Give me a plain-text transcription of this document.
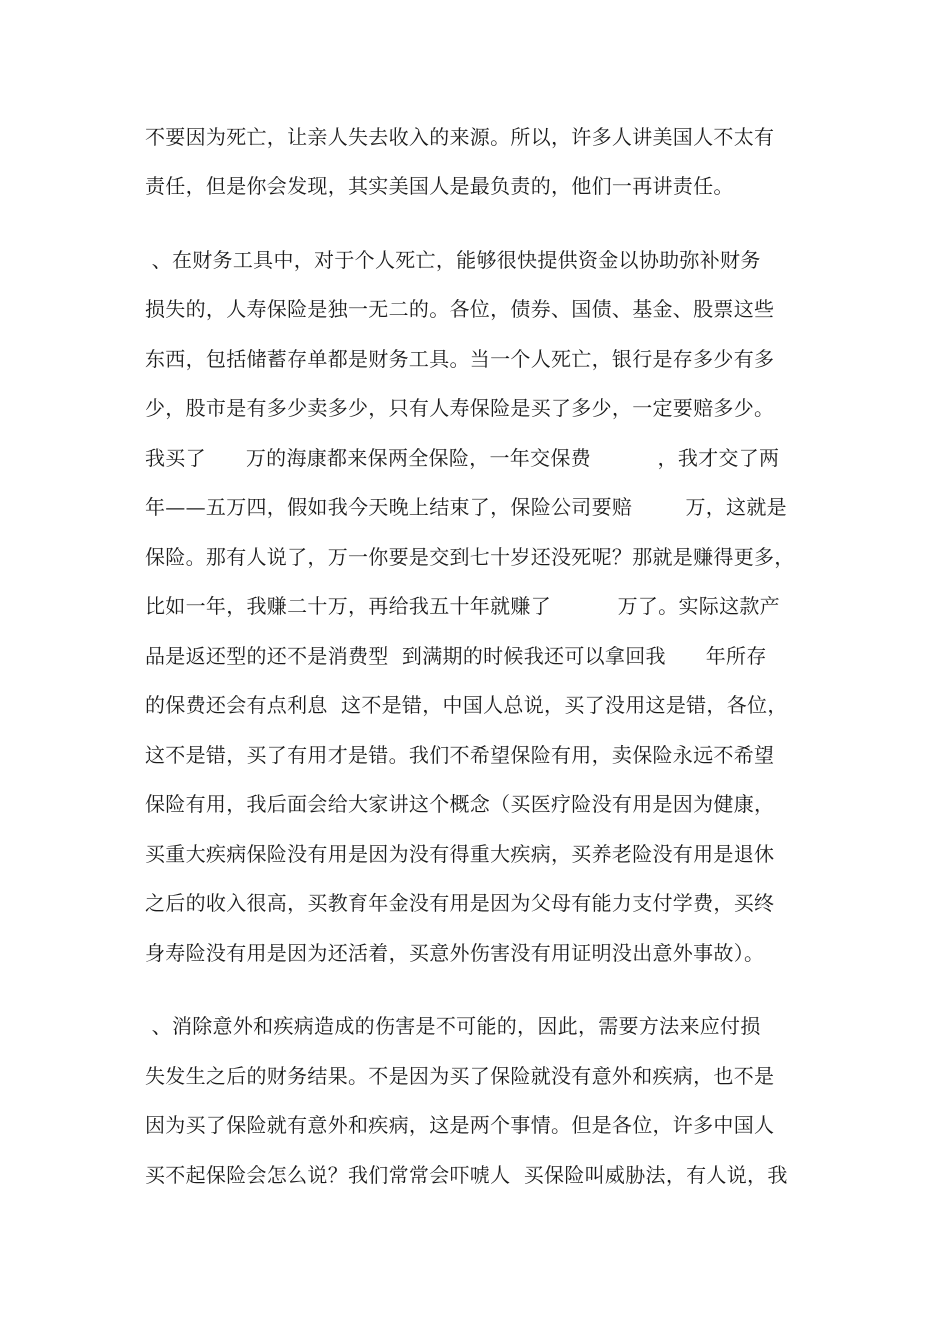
不要因为死亡，让亲人失去收入的来源。所以，许多人讲美国人不太有
责任，但是你会发现，其实美国人是最负责的，他们一再讲责任。
、在财务工具中，对于个人死亡，能够很快提供资金以协助弥补财务
损失的，人寿保险是独一无二的。各位，债券、国债、基金、股票这些
东西，包括储蓄存单都是财务工具。当一个人死亡，银行是存多少有多
少，股市是有多少卖多少，只有人寿保险是买了多少，一定要赔多少。
我买了      万的海康都来保两全保险，一年交保费          ，我才交了两
年——五万四，假如我今天晚上结束了，保险公司要赔        万，这就是
保险。那有人说了，万一你要是交到七十岁还没死呢？那就是赚得更多，
比如一年，我赚二十万，再给我五十年就赚了          万了。实际这款产
品是返还型的还不是消费型  到满期的时候我还可以拿回我      年所存
的保费还会有点利息  这不是错，中国人总说，买了没用这是错，各位，
这不是错，买了有用才是错。我们不希望保险有用，卖保险永远不希望
保险有用，我后面会给大家讲这个概念（买医疗险没有用是因为健康，
买重大疾病保险没有用是因为没有得重大疾病，买养老险没有用是退休
之后的收入很高，买教育年金没有用是因为父母有能力支付学费，买终
身寿险没有用是因为还活着，买意外伤害没有用证明没出意外事故）。
、消除意外和疾病造成的伤害是不可能的，因此，需要方法来应付损
失发生之后的财务结果。不是因为买了保险就没有意外和疾病，也不是
因为买了保险就有意外和疾病，这是两个事情。但是各位，许多中国人
买不起保险会怎么说？我们常常会吓唬人  买保险叫威胁法，有人说，我
